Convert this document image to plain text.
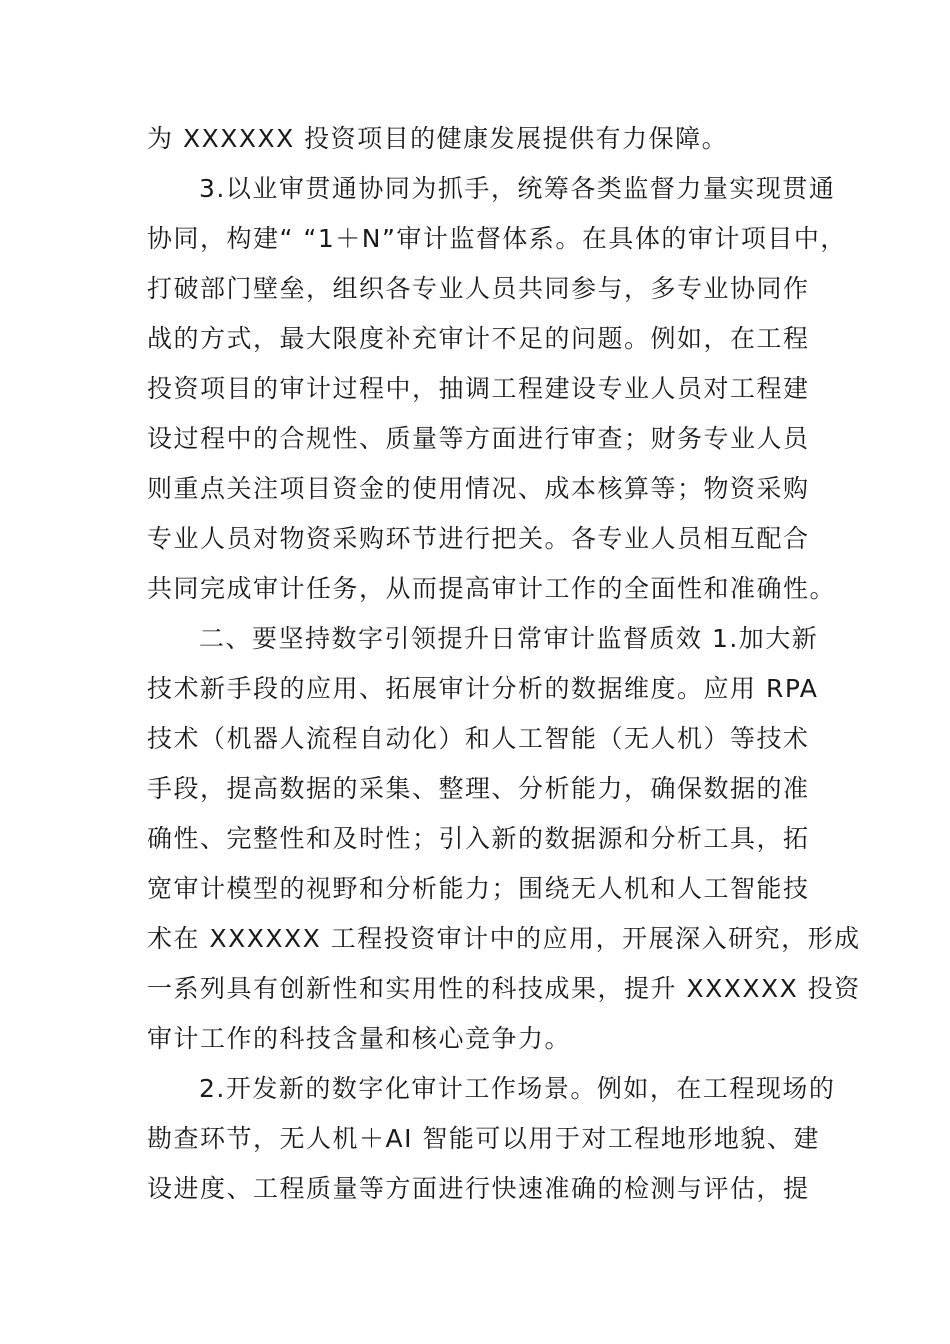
为 XXXXXX 投资项目的健康发展提供有力保障。
3.以业审贯通协同为抓手，统筹各类监督力量实现贯通
协同，构建“ “1＋N”审计监督体系。在具体的审计项目中，
打破部门壁垒，组织各专业人员共同参与，多专业协同作
战的方式，最大限度补充审计不足的问题。例如，在工程
投资项目的审计过程中，抽调工程建设专业人员对工程建
设过程中的合规性、质量等方面进行审查；财务专业人员
则重点关注项目资金的使用情况、成本核算等；物资采购
专业人员对物资采购环节进行把关。各专业人员相互配合
共同完成审计任务，从而提高审计工作的全面性和准确性。
二、要坚持数字引领提升日常审计监督质效 1.加大新
技术新手段的应用、拓展审计分析的数据维度。应用 RPA
技术（机器人流程自动化）和人工智能（无人机）等技术
手段，提高数据的采集、整理、分析能力，确保数据的准
确性、完整性和及时性；引入新的数据源和分析工具，拓
宽审计模型的视野和分析能力；围绕无人机和人工智能技
术在 XXXXXX 工程投资审计中的应用，开展深入研究，形成
一系列具有创新性和实用性的科技成果，提升 XXXXXX 投资
审计工作的科技含量和核心竞争力。
2.开发新的数字化审计工作场景。例如，在工程现场的
勘查环节，无人机＋AI 智能可以用于对工程地形地貌、建
设进度、工程质量等方面进行快速准确的检测与评估，提
